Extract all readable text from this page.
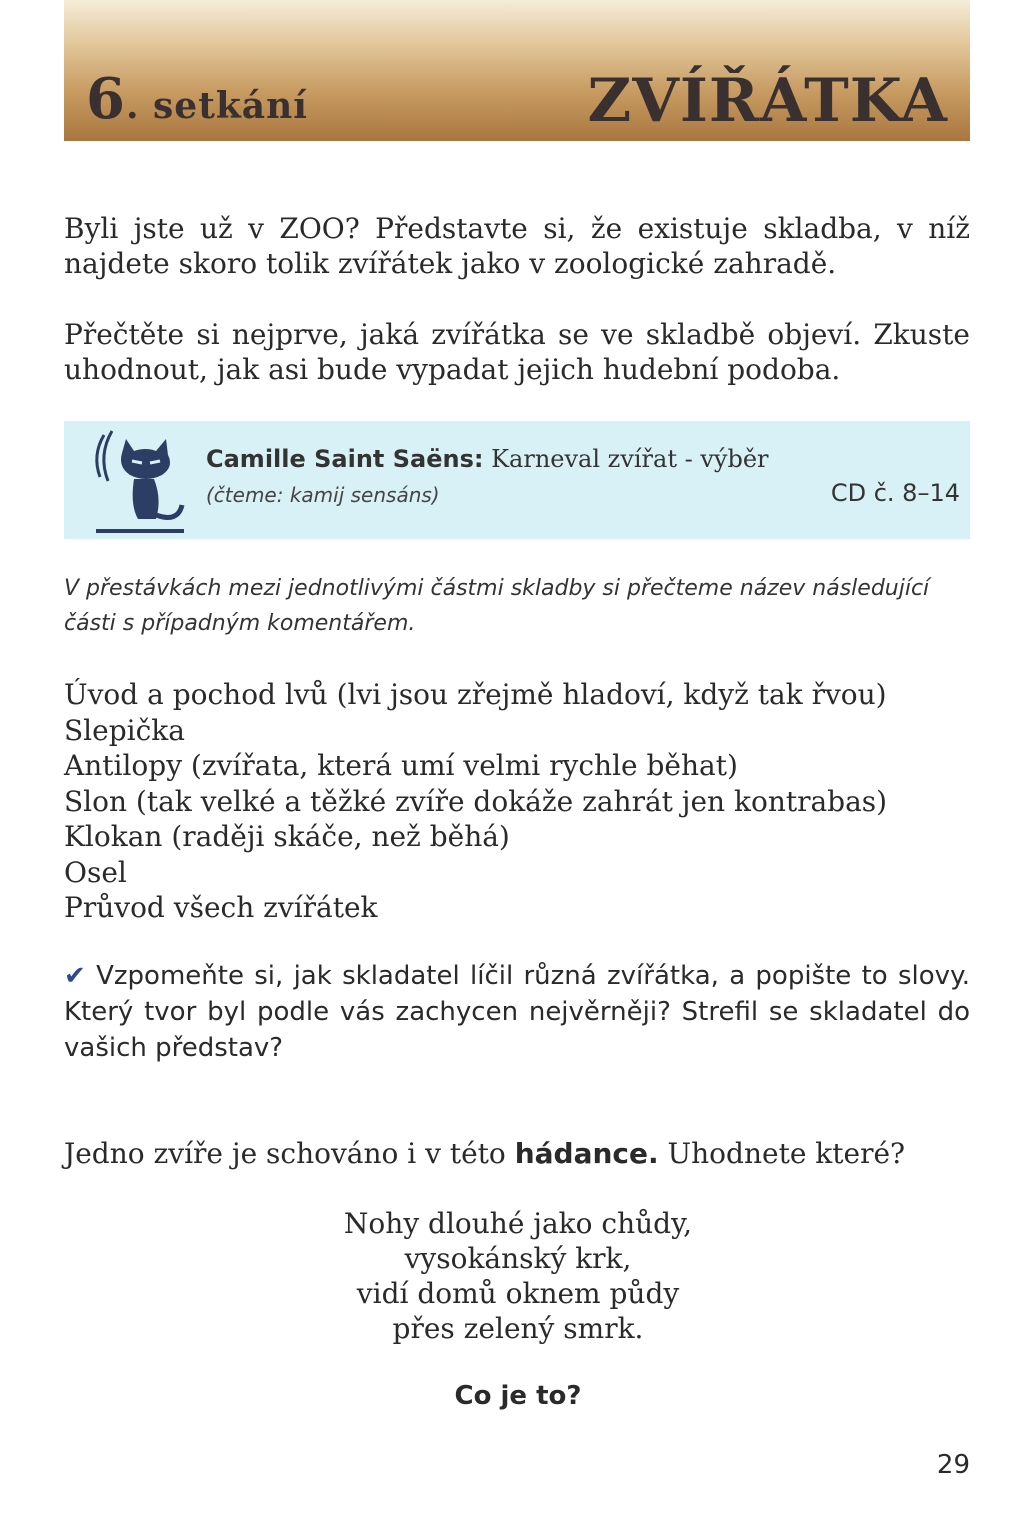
6. setkání	ZVÍŘÁTKA
Byli jste už v ZOO? Představte si, že existuje skladba, v níž najdete skoro tolik zvířátek jako v zoologické zahradě.
Přečtěte si nejprve, jaká zvířátka se ve skladbě objeví. Zkuste uhodnout, jak asi bude vypadat jejich hudební podoba.
Camille Saint Saëns: Karneval zvířat - výběr
(čteme: kamij sensáns)	CD č. 8–14
V přestávkách mezi jednotlivými částmi skladby si přečteme název následující části s případným komentářem.
Úvod a pochod lvů (lvi jsou zřejmě hladoví, když tak řvou)
Slepička
Antilopy (zvířata, která umí velmi rychle běhat)
Slon (tak velké a těžké zvíře dokáže zahrát jen kontrabas)
Klokan (raději skáče, než běhá)
Osel
Průvod všech zvířátek
✔ Vzpomeňte si, jak skladatel líčil různá zvířátka, a popište to slovy. Který tvor byl podle vás zachycen nejvěrněji? Strefil se skladatel do vašich představ?
Jedno zvíře je schováno i v této hádance. Uhodnete které?
Nohy dlouhé jako chůdy,
vysokánský krk,
vidí domů oknem půdy
přes zelený smrk.
Co je to?
29
